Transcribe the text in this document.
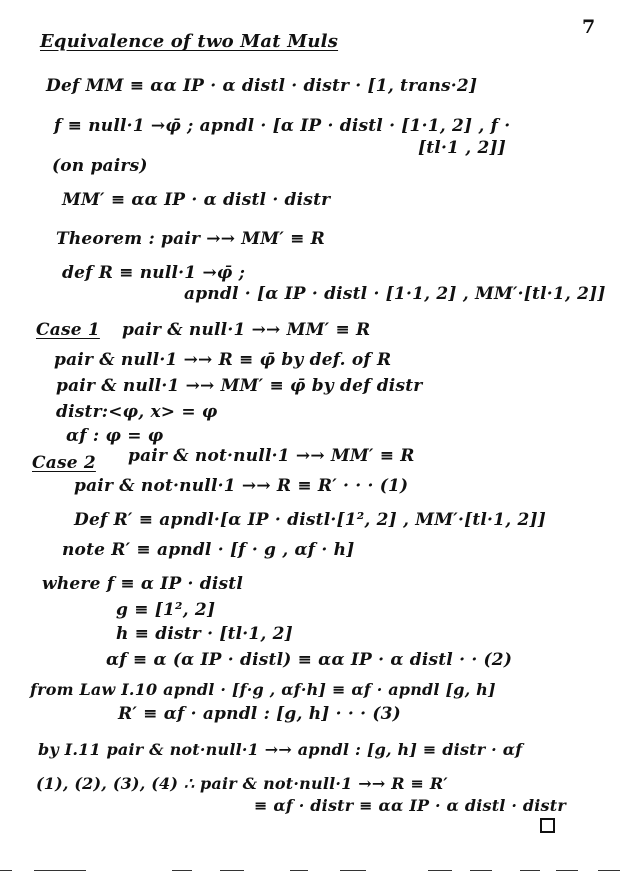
7
Equivalence of two Mat Muls
Def MM ≡ αα IP · α distl · distr · [1, trans·2]
f ≡ null·1 →φ̄ ; apndl · [α IP · distl · [1·1, 2] , f ·
[tl·1 , 2]]
(on pairs)
MM′ ≡ αα IP · α distl · distr
Theorem : pair →→ MM′ ≡ R
def R ≡ null·1 →φ̄ ;
apndl · [α IP · distl · [1·1, 2] , MM′·[tl·1, 2]]
Case 1 pair & null·1 →→ MM′ ≡ R
pair & null·1 →→ R ≡ φ̄ by def. of R
pair & null·1 →→ MM′ ≡ φ̄ by def distr
distr:<φ, x> = φ
αf : φ = φ
Case 2 pair & not·null·1 →→ MM′ ≡ R
pair & not·null·1 →→ R ≡ R′ · · · (1)
Def R′ ≡ apndl·[α IP · distl·[1², 2] , MM′·[tl·1, 2]]
note R′ ≡ apndl · [f · g , αf · h]
where f ≡ α IP · distl
g ≡ [1², 2]
h ≡ distr · [tl·1, 2]
αf ≡ α (α IP · distl) ≡ αα IP · α distl · · (2)
from Law I.10 apndl · [f·g , αf·h] ≡ αf · apndl [g, h]
R′ ≡ αf · apndl : [g, h] · · · (3)
by I.11 pair & not·null·1 →→ apndl : [g, h] ≡ distr · αf
(1), (2), (3), (4) ∴ pair & not·null·1 →→ R ≡ R′
≡ αf · distr ≡ αα IP · α distl · distr
